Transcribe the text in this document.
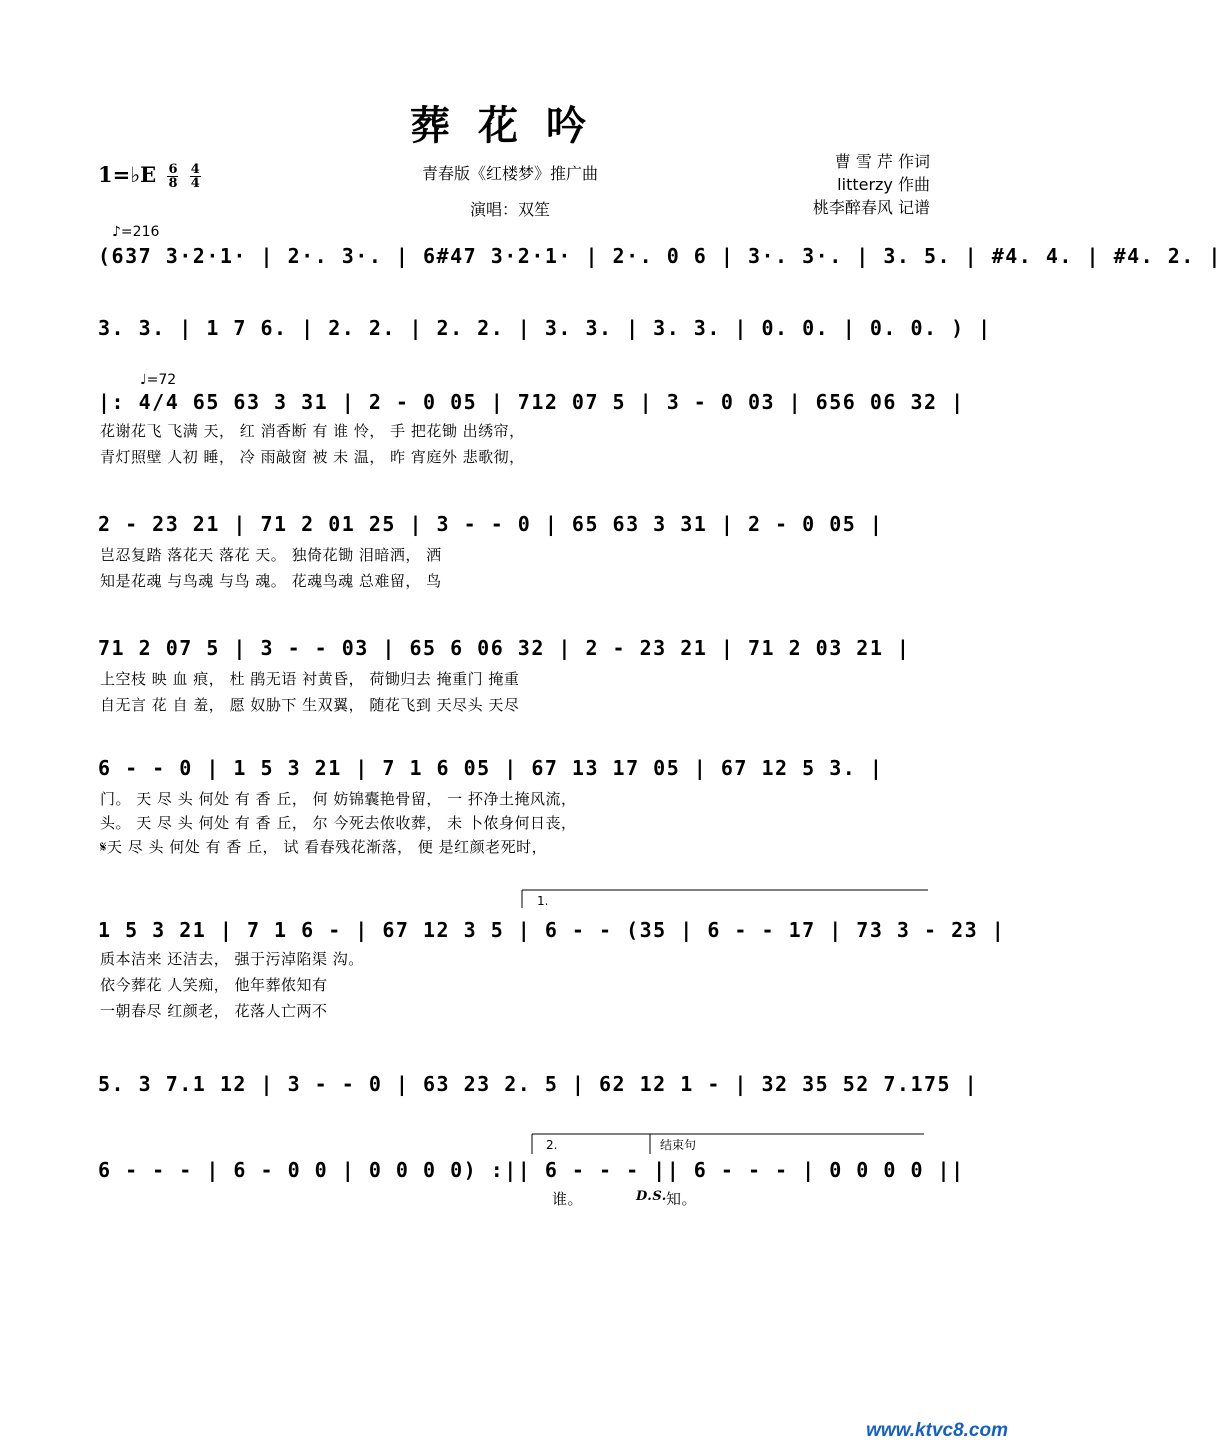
葬花吟
1=♭E $\frac{6}{8}$
$\frac{4}{4}$	青春版《红楼梦》推广曲
演唱：双笙
曹 雪 芹 作词
litterzy 作曲
桃李醉春风 记谱
♪=216
♩=72
(637 3·2·1· | 2·. 3·. | 6#47 3·2·1· | 2·. 0 6 | 3·. 3·. | 3. 5. | #4. 4. | #4. 2. |
3. 3. | 1 7 6. | 2. 2. | 2. 2. | 3. 3. | 3. 3. | 0. 0. | 0. 0. ) |
|: 4/4 65 63 3 31 | 2 - 0 05 | 712 07 5 | 3 - 0 03 | 656 06 32 |
花谢花飞 飞满 天， 红 消香断 有 谁 怜， 手 把花锄 出绣帘，
青灯照壁 人初 睡， 冷 雨敲窗 被 未 温， 昨 宵庭外 悲歌彻，
2 - 23 21 | 71 2 01 25 | 3 - - 0 | 65 63 3 31 | 2 - 0 05 |
岂忍复踏 落花天 落花 天。 独倚花锄 泪暗洒， 洒
知是花魂 与鸟魂 与鸟 魂。 花魂鸟魂 总难留， 鸟
71 2 07 5 | 3 - - 03 | 65 6 06 32 | 2 - 23 21 | 71 2 03 21 |
上空枝 映 血 痕， 杜 鹃无语 衬黄昏， 荷锄归去 掩重门 掩重
自无言 花 自 羞， 愿 奴胁下 生双翼， 随花飞到 天尽头 天尽
6 - - 0 | 1 5 3 21 | 7 1 6 05 | 67 13 17 05 | 67 12 5 3. |
门。 天 尽 头 何处 有 香 丘， 何 妨锦囊艳骨留， 一 抔净土掩风流，
头。 天 尽 头 何处 有 香 丘， 尔 今死去侬收葬， 未 卜侬身何日丧，
𝄋天 尽 头 何处 有 香 丘， 试 看春残花渐落， 便 是红颜老死时，
1.
1 5 3 21 | 7 1 6 - | 67 12 3 5 | 6 - - (35 | 6 - - 17 | 73 3 - 23 |
质本洁来 还洁去， 强于污淖陷渠 沟。
依今葬花 人笑痴， 他年葬侬知有
一朝春尽 红颜老， 花落人亡两不
5. 3 7.1 12 | 3 - - 0 | 63 23 2. 5 | 62 12 1 - | 32 35 52 7.175 |
2.	结束句
6 - - - | 6 - 0 0 | 0 0 0 0) :|| 6 - - - || 6 - - - | 0 0 0 0 ||
谁。	D.S. 知。
www.ktvc8.com
